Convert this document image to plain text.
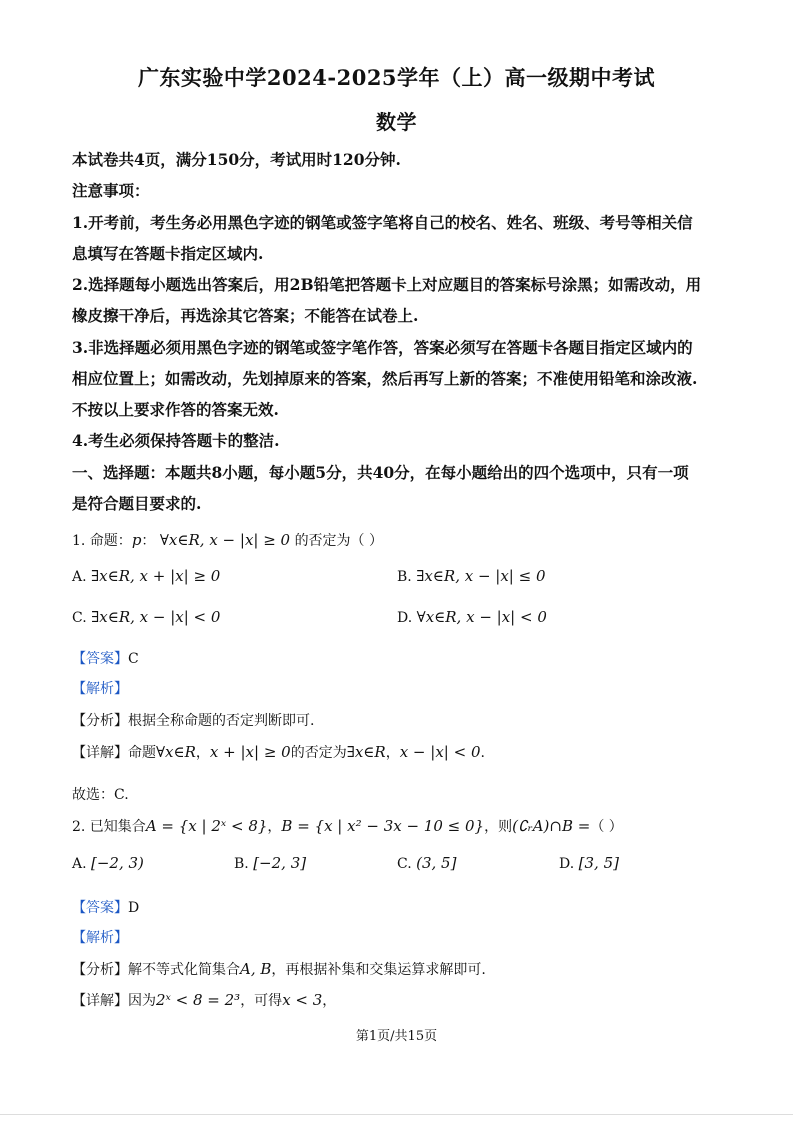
广东实验中学2024-2025学年（上）高一级期中考试
数学
本试卷共4页，满分150分，考试用时120分钟.
注意事项：
1.开考前，考生务必用黑色字迹的钢笔或签字笔将自己的校名、姓名、班级、考号等相关信
息填写在答题卡指定区域内.
2.选择题每小题选出答案后，用2B铅笔把答题卡上对应题目的答案标号涂黑；如需改动，用
橡皮擦干净后，再选涂其它答案；不能答在试卷上.
3.非选择题必须用黑色字迹的钢笔或签字笔作答，答案必须写在答题卡各题目指定区域内的
相应位置上；如需改动，先划掉原来的答案，然后再写上新的答案；不准使用铅笔和涂改液.
不按以上要求作答的答案无效.
4.考生必须保持答题卡的整洁.
一、选择题：本题共8小题，每小题5分，共40分，在每小题给出的四个选项中，只有一项
是符合题目要求的.
1. 命题：p： ∀x∈R, x − |x| ≥ 0 的否定为（ ）
A. ∃x∈R, x + |x| ≥ 0	B. ∃x∈R, x − |x| ≤ 0
C. ∃x∈R, x − |x| < 0	D. ∀x∈R, x − |x| < 0
【答案】C
【解析】
【分析】根据全称命题的否定判断即可.
【详解】命题∀x∈R，x + |x| ≥ 0的否定为∃x∈R，x − |x| < 0.
故选：C.
2. 已知集合A = {x | 2ˣ < 8}，B = {x | x² − 3x − 10 ≤ 0}，则(∁ᵣA)∩B =（ ）
A. [−2, 3)	B. [−2, 3]	C. (3, 5]	D. [3, 5]
【答案】D
【解析】
【分析】解不等式化简集合A, B，再根据补集和交集运算求解即可.
【详解】因为2ˣ < 8 = 2³，可得x < 3，
第1页/共15页
